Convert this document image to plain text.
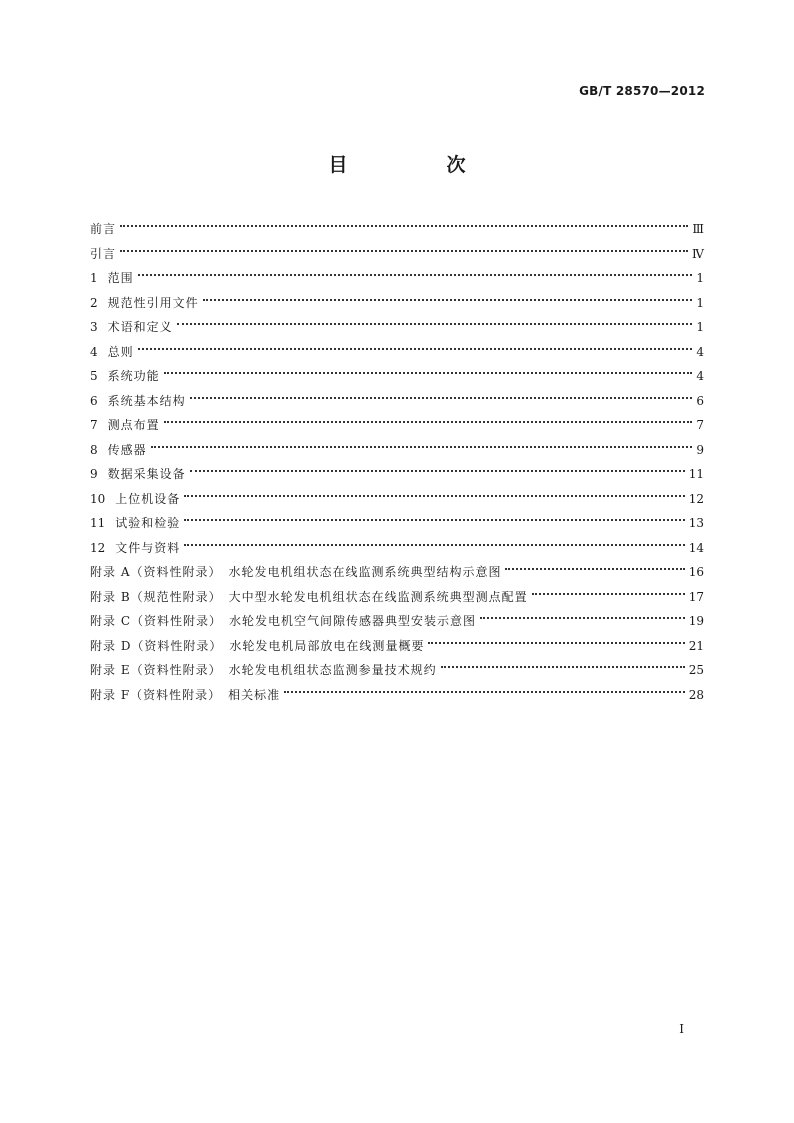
GB/T 28570—2012
目　次
前言	Ⅲ
引言	Ⅳ
1 范围	1
2 规范性引用文件	1
3 术语和定义	1
4 总则	4
5 系统功能	4
6 系统基本结构	6
7 测点布置	7
8 传感器	9
9 数据采集设备	11
10 上位机设备	12
11 试验和检验	13
12 文件与资料	14
附录 A（资料性附录）　水轮发电机组状态在线监测系统典型结构示意图	16
附录 B（规范性附录）　大中型水轮发电机组状态在线监测系统典型测点配置	17
附录 C（资料性附录）　水轮发电机空气间隙传感器典型安装示意图	19
附录 D（资料性附录）　水轮发电机局部放电在线测量概要	21
附录 E（资料性附录）　水轮发电机组状态监测参量技术规约	25
附录 F（资料性附录）　相关标准	28
Ⅰ
